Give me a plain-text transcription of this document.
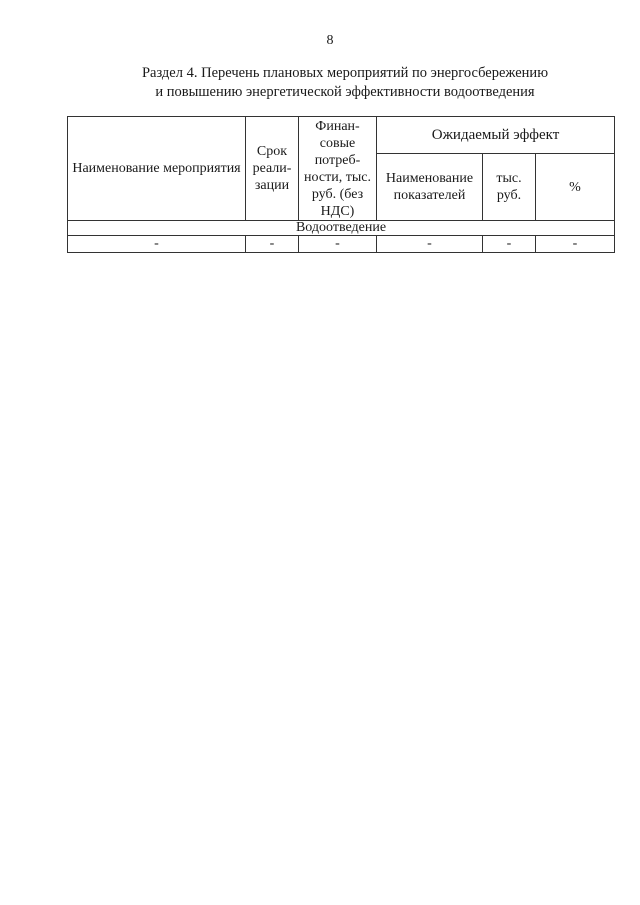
8
Раздел 4. Перечень плановых мероприятий по энергосбережению
и повышению энергетической эффективности водоотведения
Наименование мероприятия	Срок реали-зации	Финан-совые потреб-ности, тыс. руб. (без НДС)	Ожидаемый эффект		
			Наименование показателей	тыс. руб.	%
Водоотведение					
-	-	-	-	-	-
